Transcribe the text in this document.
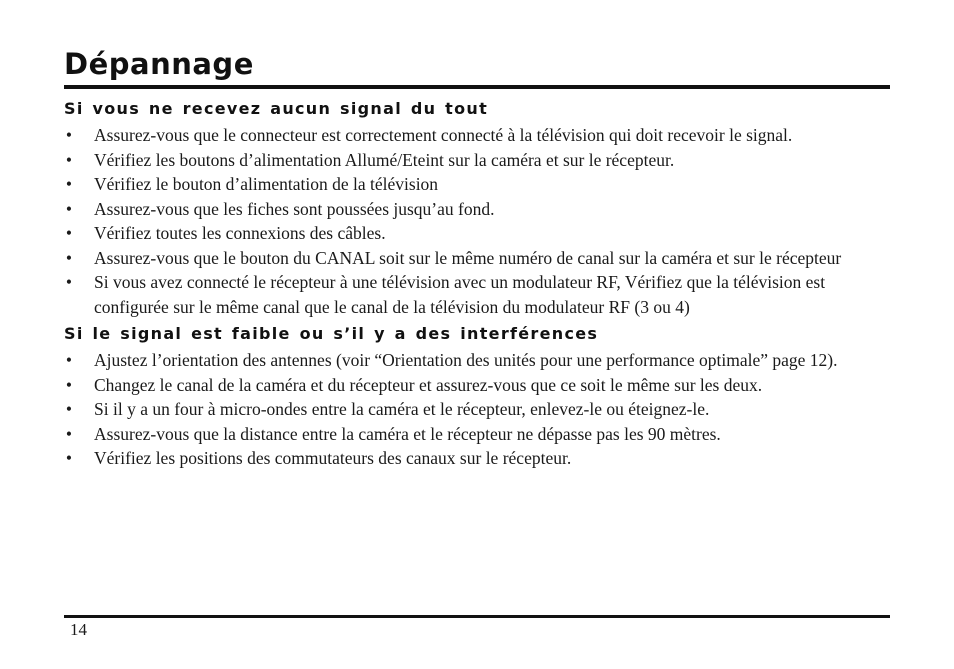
Dépannage
Si vous ne recevez aucun signal du tout
• Assurez-vous que le connecteur est correctement connecté à la télévision qui doit recevoir le signal.
• Vérifiez les boutons d’alimentation Allumé/Eteint sur la caméra et sur le récepteur.
• Vérifiez le bouton d’alimentation de la télévision
• Assurez-vous que les fiches sont poussées jusqu’au fond.
• Vérifiez toutes les connexions des câbles.
• Assurez-vous que le bouton du CANAL soit sur le même numéro de canal sur la caméra et sur le récepteur
• Si vous avez connecté le récepteur à une télévision avec un modulateur RF, Vérifiez que la télévision est configurée sur le même canal que le canal de la télévision du modulateur RF (3 ou 4)
Si le signal est faible ou s’il y a des interférences
• Ajustez l’orientation des antennes (voir “Orientation des unités pour une performance optimale” page 12).
• Changez le canal de la caméra et du récepteur et assurez-vous que ce soit le même sur les deux.
• Si il y a un four à micro-ondes entre la caméra et le récepteur, enlevez-le ou éteignez-le.
• Assurez-vous que la distance entre la caméra et le récepteur ne dépasse pas les 90 mètres.
• Vérifiez les positions des commutateurs des canaux sur le récepteur.
14
